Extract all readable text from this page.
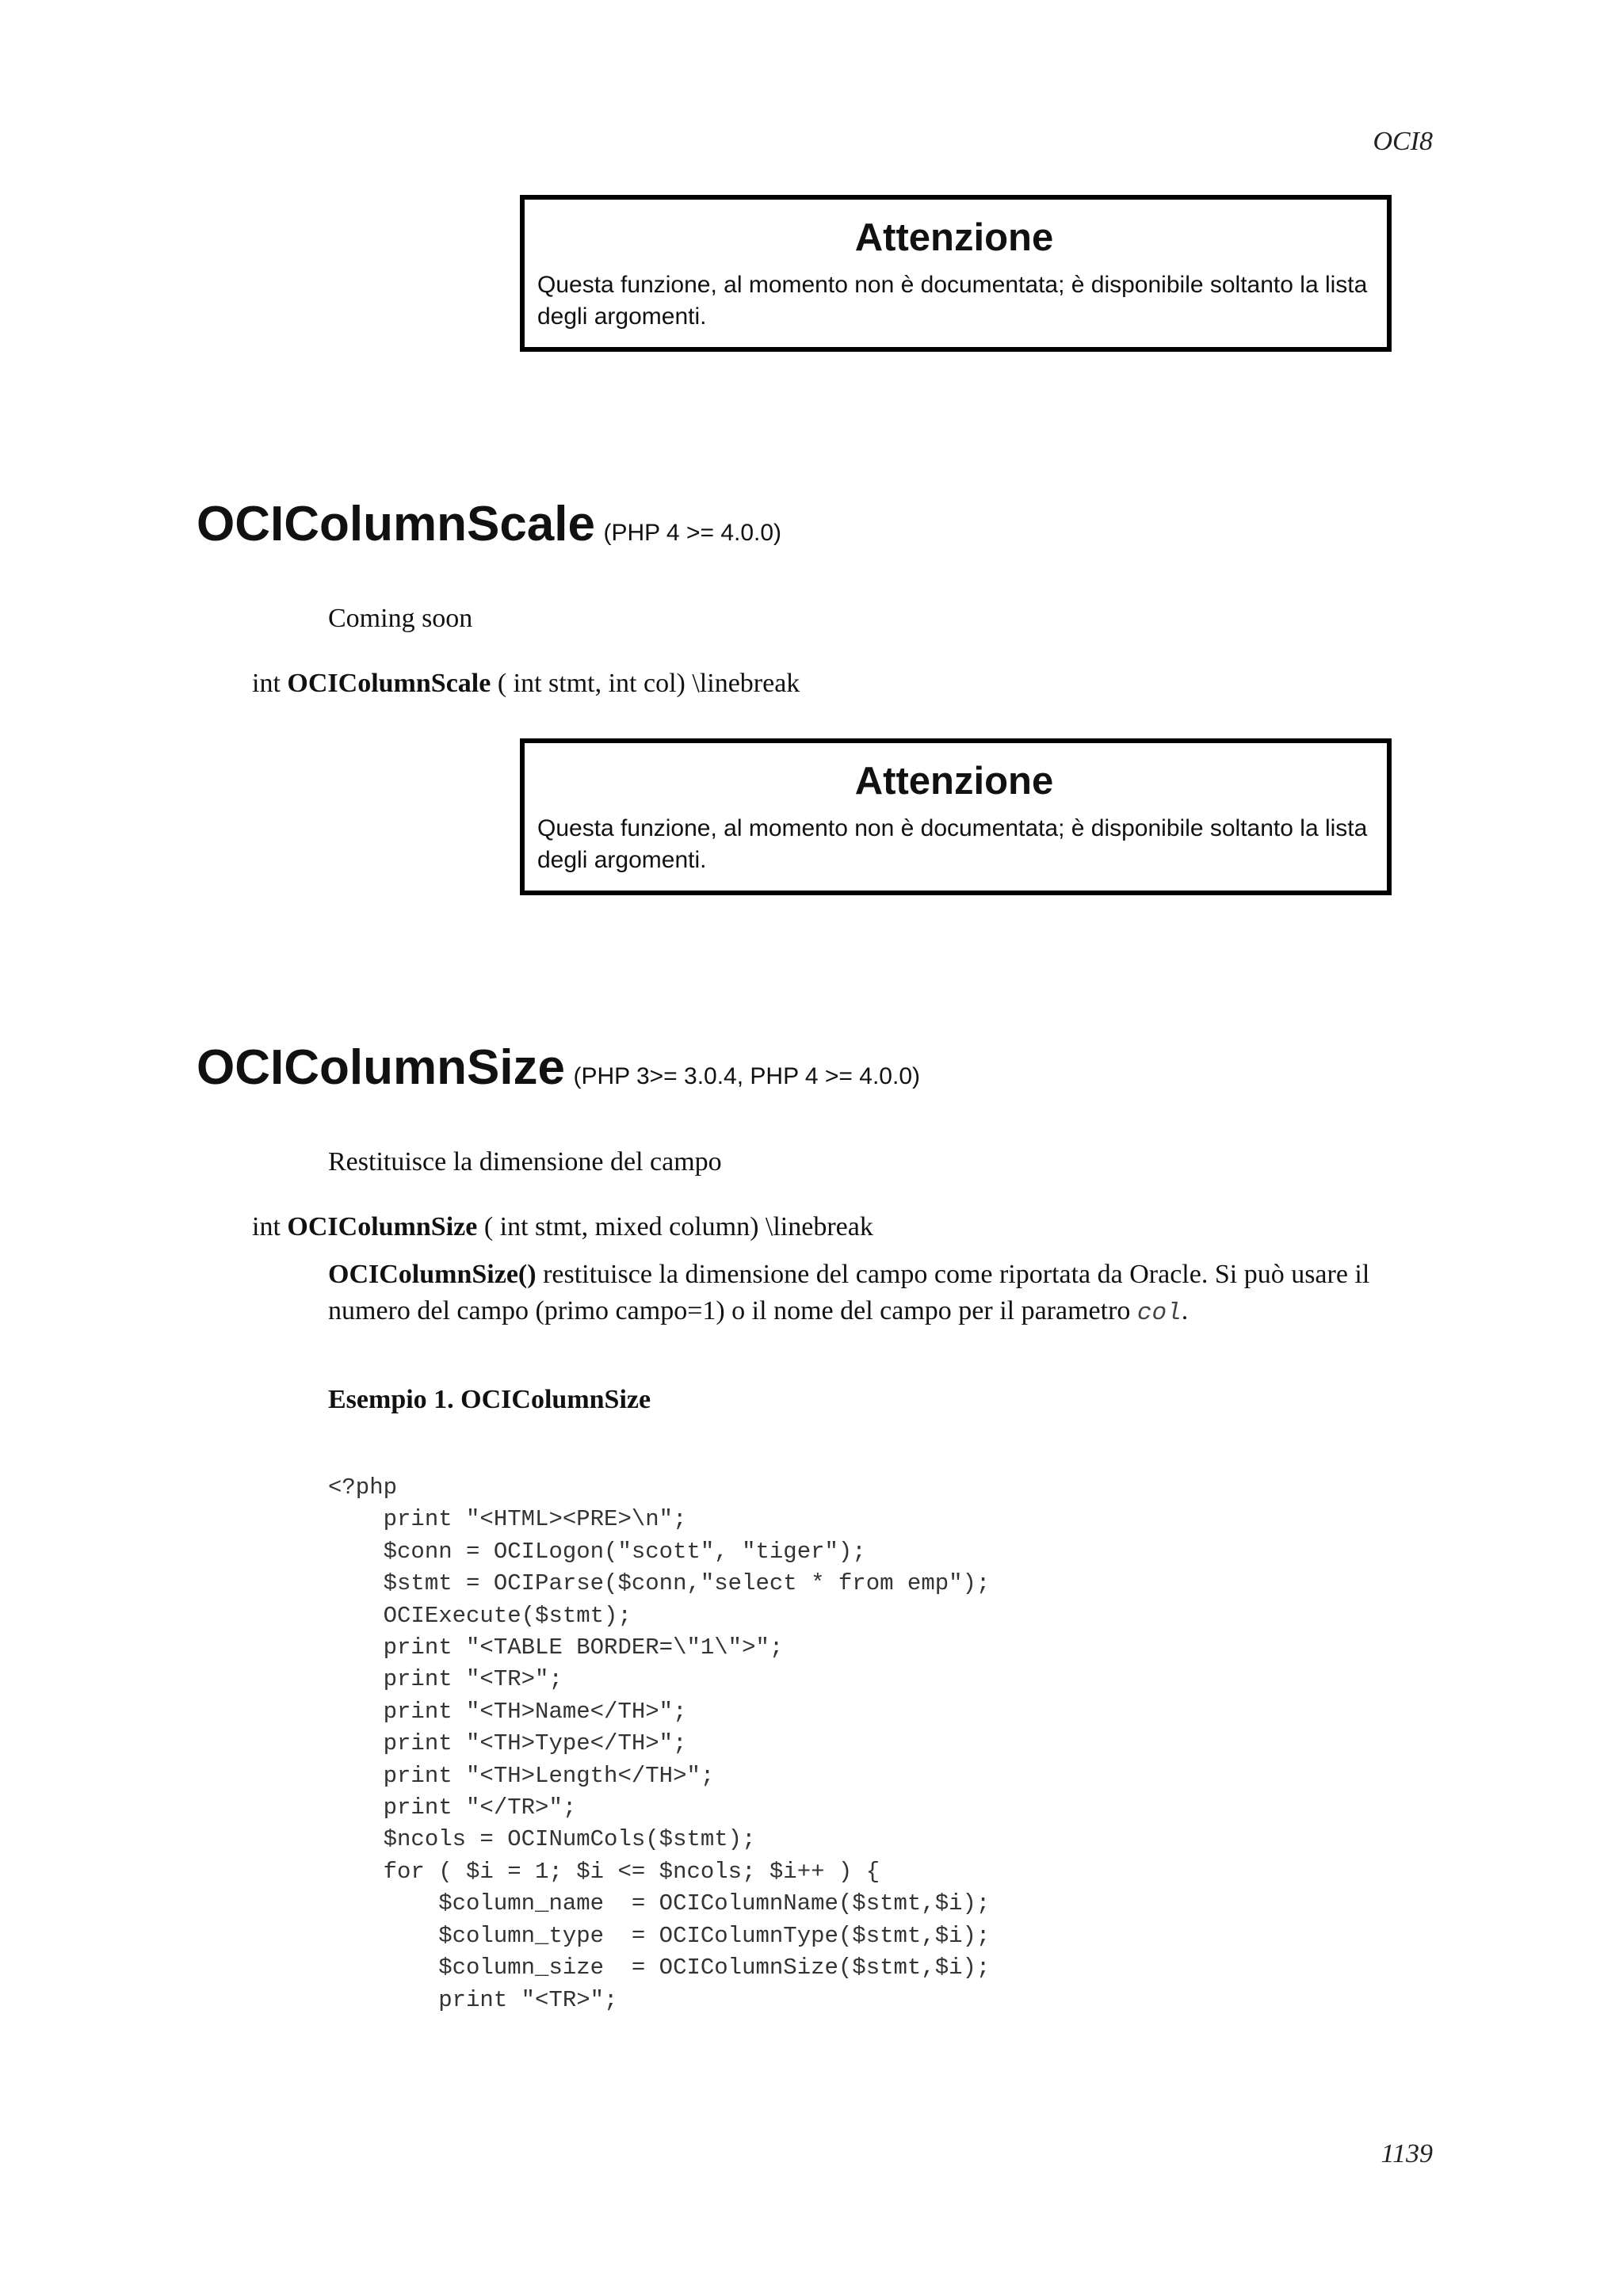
OCI8
Attenzione
Questa funzione, al momento non è documentata; è disponibile soltanto la lista degli argomenti.
OCIColumnScale (PHP 4 >= 4.0.0)
Coming soon
int OCIColumnScale ( int stmt, int col) \linebreak
Attenzione
Questa funzione, al momento non è documentata; è disponibile soltanto la lista degli argomenti.
OCIColumnSize (PHP 3>= 3.0.4, PHP 4 >= 4.0.0)
Restituisce la dimensione del campo
int OCIColumnSize ( int stmt, mixed column) \linebreak
OCIColumnSize() restituisce la dimensione del campo come riportata da Oracle. Si può usare il numero del campo (primo campo=1) o il nome del campo per il parametro col.
Esempio 1. OCIColumnSize
<?php
print "<HTML><PRE>\n";
$conn = OCILogon("scott", "tiger");
$stmt = OCIParse($conn,"select * from emp");
OCIExecute($stmt);
print "<TABLE BORDER=\"1\">";
print "<TR>";
print "<TH>Name</TH>";
print "<TH>Type</TH>";
print "<TH>Length</TH>";
print "</TR>";
$ncols = OCINumCols($stmt);
for ( $i = 1; $i <= $ncols; $i++ ) {
$column_name  = OCIColumnName($stmt,$i);
$column_type  = OCIColumnType($stmt,$i);
$column_size  = OCIColumnSize($stmt,$i);
print "<TR>";
1139
